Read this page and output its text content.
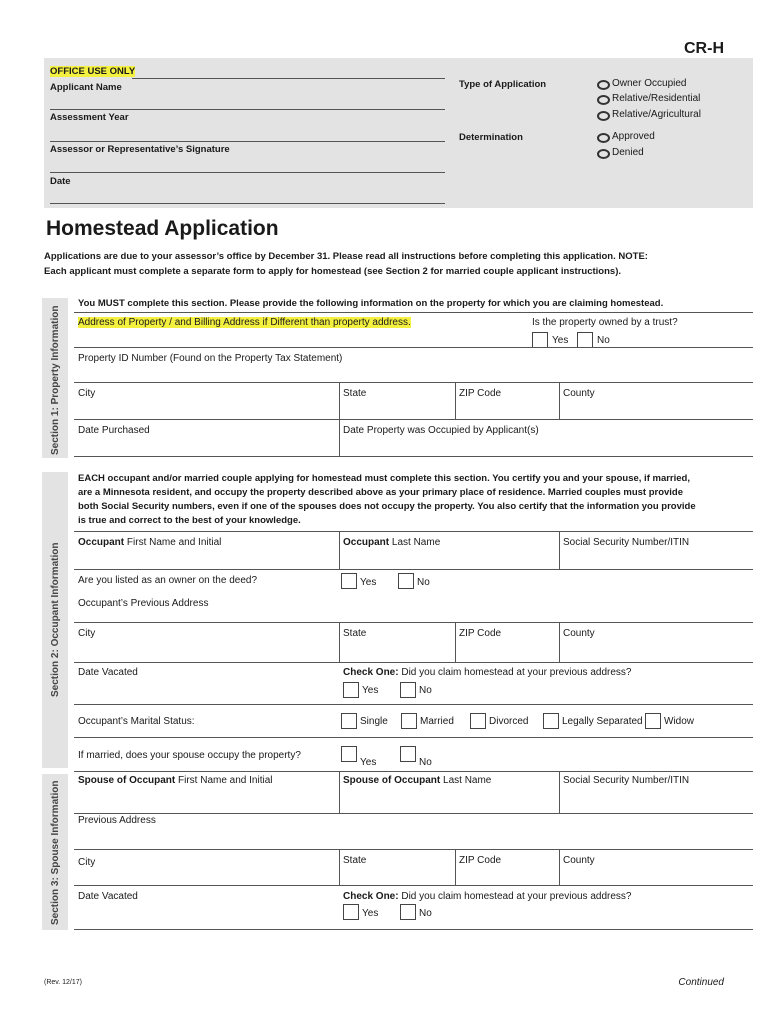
CR-H
OFFICE USE ONLY
Applicant Name
Assessment Year
Assessor or Representative’s Signature
Date
Type of Application	Owner Occupied
Relative/Residential
Relative/Agricultural
Determination	Approved
Denied
Homestead Application
Applications are due to your assessor’s office by December 31. Please read all instructions before completing this application. NOTE:
Each applicant must complete a separate form to apply for homestead (see Section 2 for married couple applicant instructions).
Section 1: Property Information
You MUST complete this section. Please provide the following information on the property for which you are claiming homestead.
Address of Property / and Billing Address if Different than property address.	Is the property owned by a trust?
Yes	No
Property ID Number (Found on the Property Tax Statement)
City	State	ZIP Code	County
Date Purchased	Date Property was Occupied by Applicant(s)
Section 2: Occupant Information
EACH occupant and/or married couple applying for homestead must complete this section. You certify you and your spouse, if married,
are a Minnesota resident, and occupy the property described above as your primary place of residence. Married couples must provide
both Social Security numbers, even if one of the spouses does not occupy the property. You also certify that the information you provide
is true and correct to the best of your knowledge.
Occupant First Name and Initial	Occupant Last Name	Social Security Number/ITIN
Are you listed as an owner on the deed?	Yes	No
Occupant’s Previous Address
City	State	ZIP Code	County
Date Vacated	Check One: Did you claim homestead at your previous address?
Yes	No
Occupant’s Marital Status:	Single	Married	Divorced	Legally Separated Widow
If married, does your spouse occupy the property?
Yes	No
Section 3: Spouse Information
Spouse of Occupant First Name and Initial	Spouse of Occupant Last Name	Social Security Number/ITIN
Previous Address
City	State	ZIP Code	County
Date Vacated	Check One: Did you claim homestead at your previous address?
Yes	No
(Rev. 12/17)	Continued
